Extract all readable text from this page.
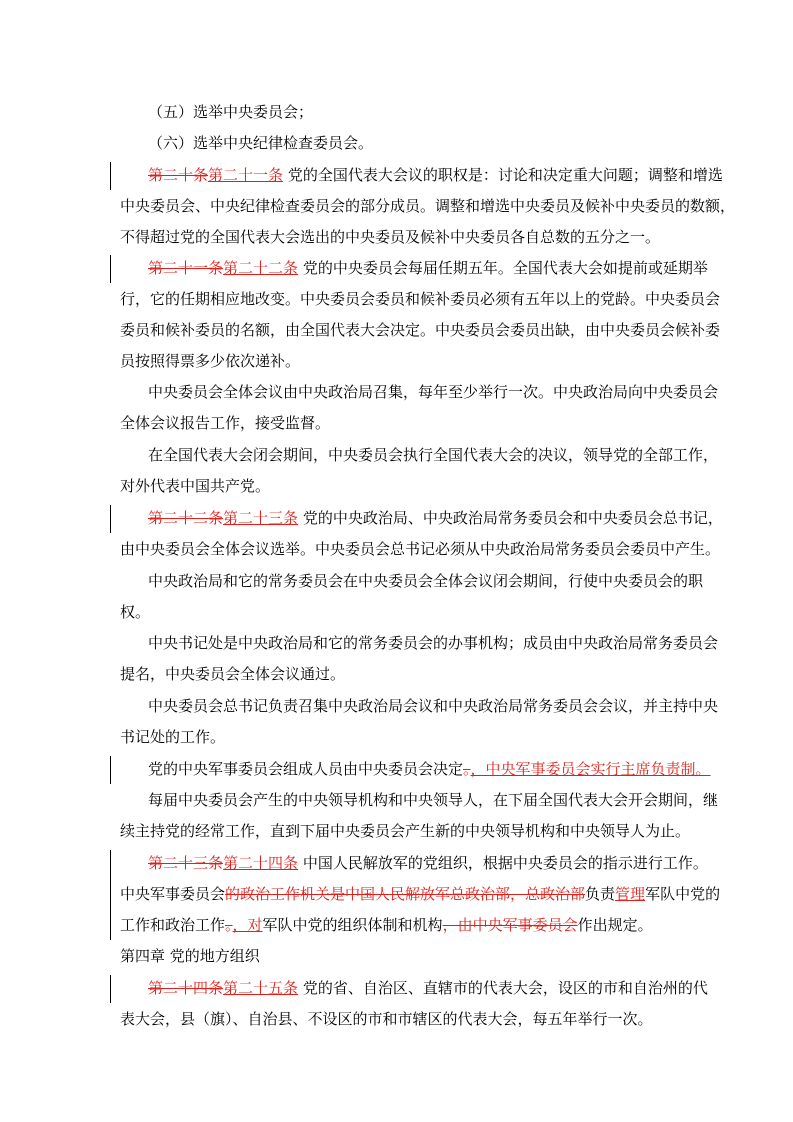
（五）选举中央委员会；
（六）选举中央纪律检查委员会。
第二十条第二十一条 党的全国代表大会议的职权是：讨论和决定重大问题；调整和增选
中央委员会、中央纪律检查委员会的部分成员。调整和增选中央委员及候补中央委员的数额，
不得超过党的全国代表大会选出的中央委员及候补中央委员各自总数的五分之一。
第二十一条第二十二条 党的中央委员会每届任期五年。全国代表大会如提前或延期举
行，它的任期相应地改变。中央委员会委员和候补委员必须有五年以上的党龄。中央委员会
委员和候补委员的名额，由全国代表大会决定。中央委员会委员出缺，由中央委员会候补委
员按照得票多少依次递补。
中央委员会全体会议由中央政治局召集，每年至少举行一次。中央政治局向中央委员会
全体会议报告工作，接受监督。
在全国代表大会闭会期间，中央委员会执行全国代表大会的决议，领导党的全部工作，
对外代表中国共产党。
第二十二条第二十三条 党的中央政治局、中央政治局常务委员会和中央委员会总书记，
由中央委员会全体会议选举。中央委员会总书记必须从中央政治局常务委员会委员中产生。
中央政治局和它的常务委员会在中央委员会全体会议闭会期间，行使中央委员会的职
权。
中央书记处是中央政治局和它的常务委员会的办事机构；成员由中央政治局常务委员会
提名，中央委员会全体会议通过。
中央委员会总书记负责召集中央政治局会议和中央政治局常务委员会会议，并主持中央
书记处的工作。
党的中央军事委员会组成人员由中央委员会决定。，中央军事委员会实行主席负责制。
每届中央委员会产生的中央领导机构和中央领导人，在下届全国代表大会开会期间，继
续主持党的经常工作，直到下届中央委员会产生新的中央领导机构和中央领导人为止。
第二十三条第二十四条 中国人民解放军的党组织，根据中央委员会的指示进行工作。
中央军事委员会的政治工作机关是中国人民解放军总政治部，总政治部负责管理军队中党的
工作和政治工作。，对军队中党的组织体制和机构，由中央军事委员会作出规定。
第四章 党的地方组织
第二十四条第二十五条 党的省、自治区、直辖市的代表大会，设区的市和自治州的代
表大会，县（旗）、自治县、不设区的市和市辖区的代表大会，每五年举行一次。
